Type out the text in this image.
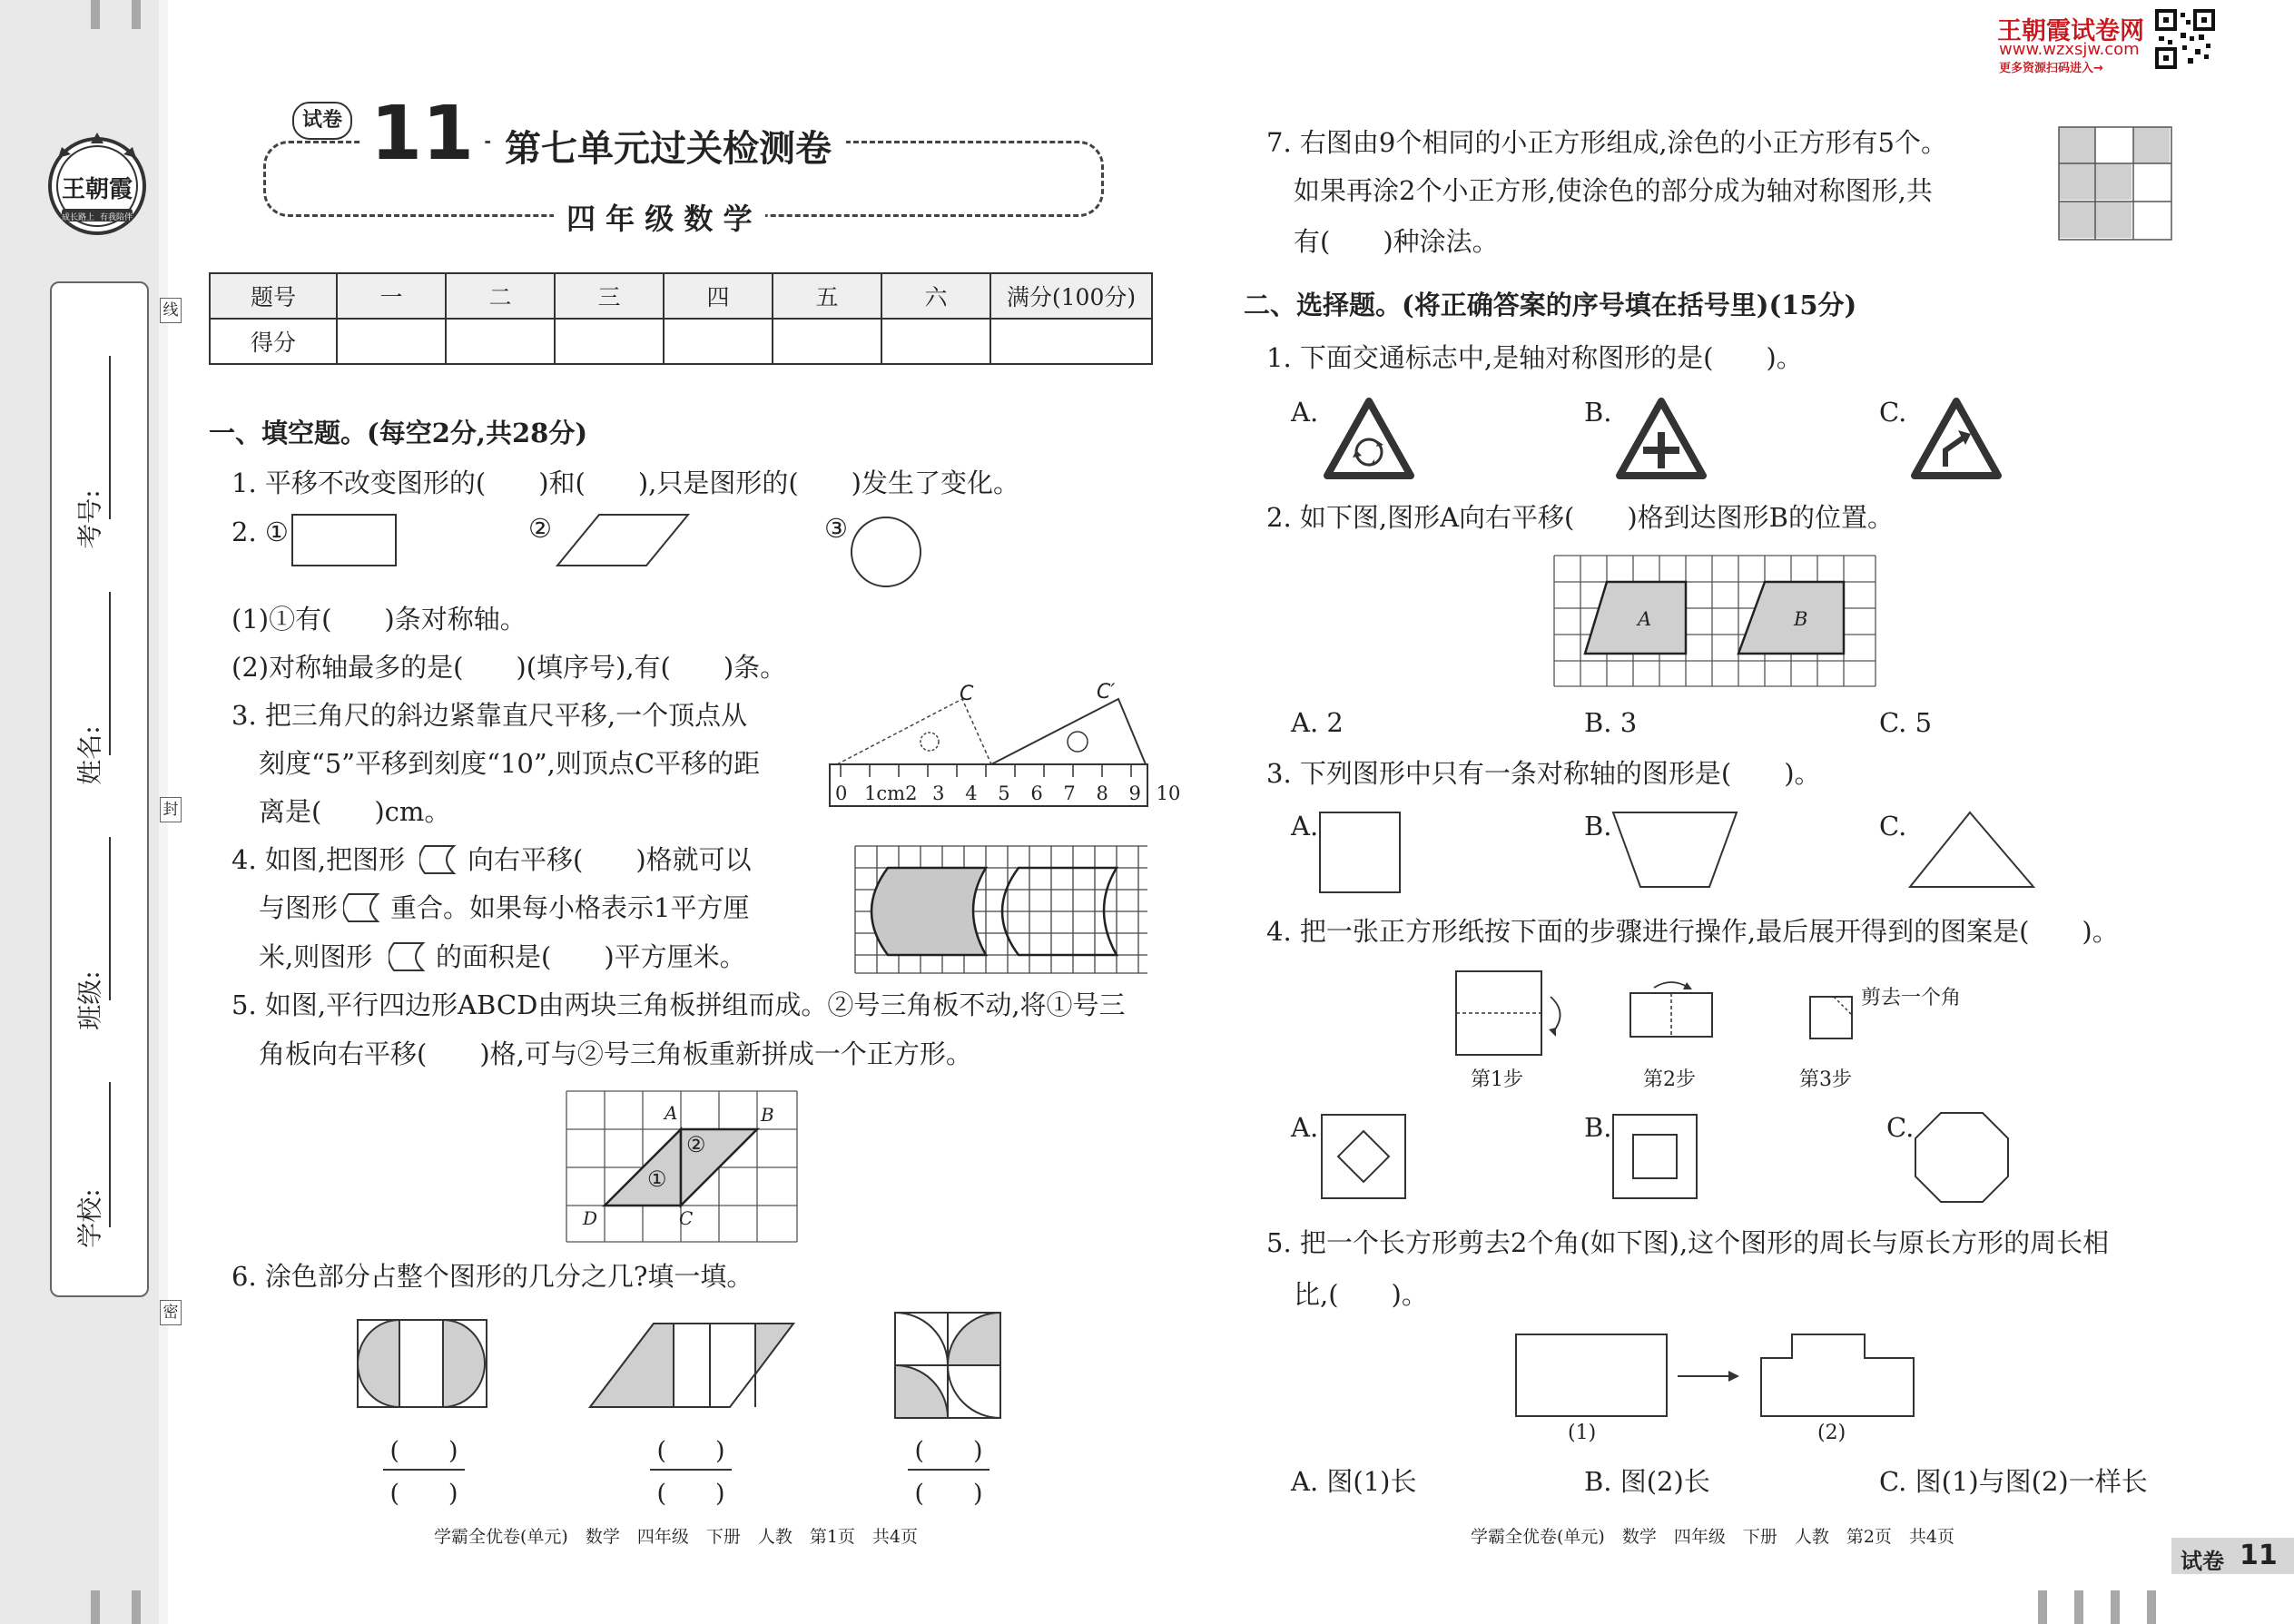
王朝霞
成长路上 有我陪伴
学校:
班级:
姓名:
考号:
线
封
密
试卷 11 第七单元过关检测卷
四 年 级 数 学
题号	一	二	三	四	五	六	满分(100分)
得分							
一、填空题。(每空2分,共28分)
1. 平移不改变图形的(　　)和(　　),只是图形的(　　)发生了变化。
2. ①	②	③
(1)①有(　　)条对称轴。
(2)对称轴最多的是(　　)(填序号),有(　　)条。
3. 把三角尺的斜边紧靠直尺平移,一个顶点从
刻度“5”平移到刻度“10”,则顶点C平移的距
离是(　　)cm。
C	C′
0 1cm2 3 4 5 6 7 8 9 10
4. 如图,把图形 向右平移(　　)格就可以
与图形 重合。如果每小格表示1平方厘
米,则图形 的面积是(　　)平方厘米。
5. 如图,平行四边形ABCD由两块三角板拼组而成。②号三角板不动,将①号三
角板向右平移(　　)格,可与②号三角板重新拼成一个正方形。
A	B
C
D
①
②
6. 涂色部分占整个图形的几分之几?填一填。
(　　)
(　　)
(　　)
(　　)
(　　)
(　　)
学霸全优卷(单元)　数学　四年级　下册　人教　第1页　共4页
王朝霞试卷网
www.wzxsjw.com
更多资源扫码进入→
7. 右图由9个相同的小正方形组成,涂色的小正方形有5个。
如果再涂2个小正方形,使涂色的部分成为轴对称图形,共
有(　　)种涂法。
二、选择题。(将正确答案的序号填在括号里)(15分)
1. 下面交通标志中,是轴对称图形的是(　　)。
A.	B.	C.
2. 如下图,图形A向右平移(　　)格到达图形B的位置。
A	B
A. 2	B. 3	C. 5
3. 下列图形中只有一条对称轴的图形是(　　)。
A.	B.	C.
4. 把一张正方形纸按下面的步骤进行操作,最后展开得到的图案是(　　)。
第1步	第2步
剪去一个角
第3步
A.	B.	C.
5. 把一个长方形剪去2个角(如下图),这个图形的周长与原长方形的周长相
比,(　　)。
(1)	(2)
A. 图(1)长	B. 图(2)长	C. 图(1)与图(2)一样长
学霸全优卷(单元)　数学　四年级　下册　人教　第2页　共4页
试卷 11
